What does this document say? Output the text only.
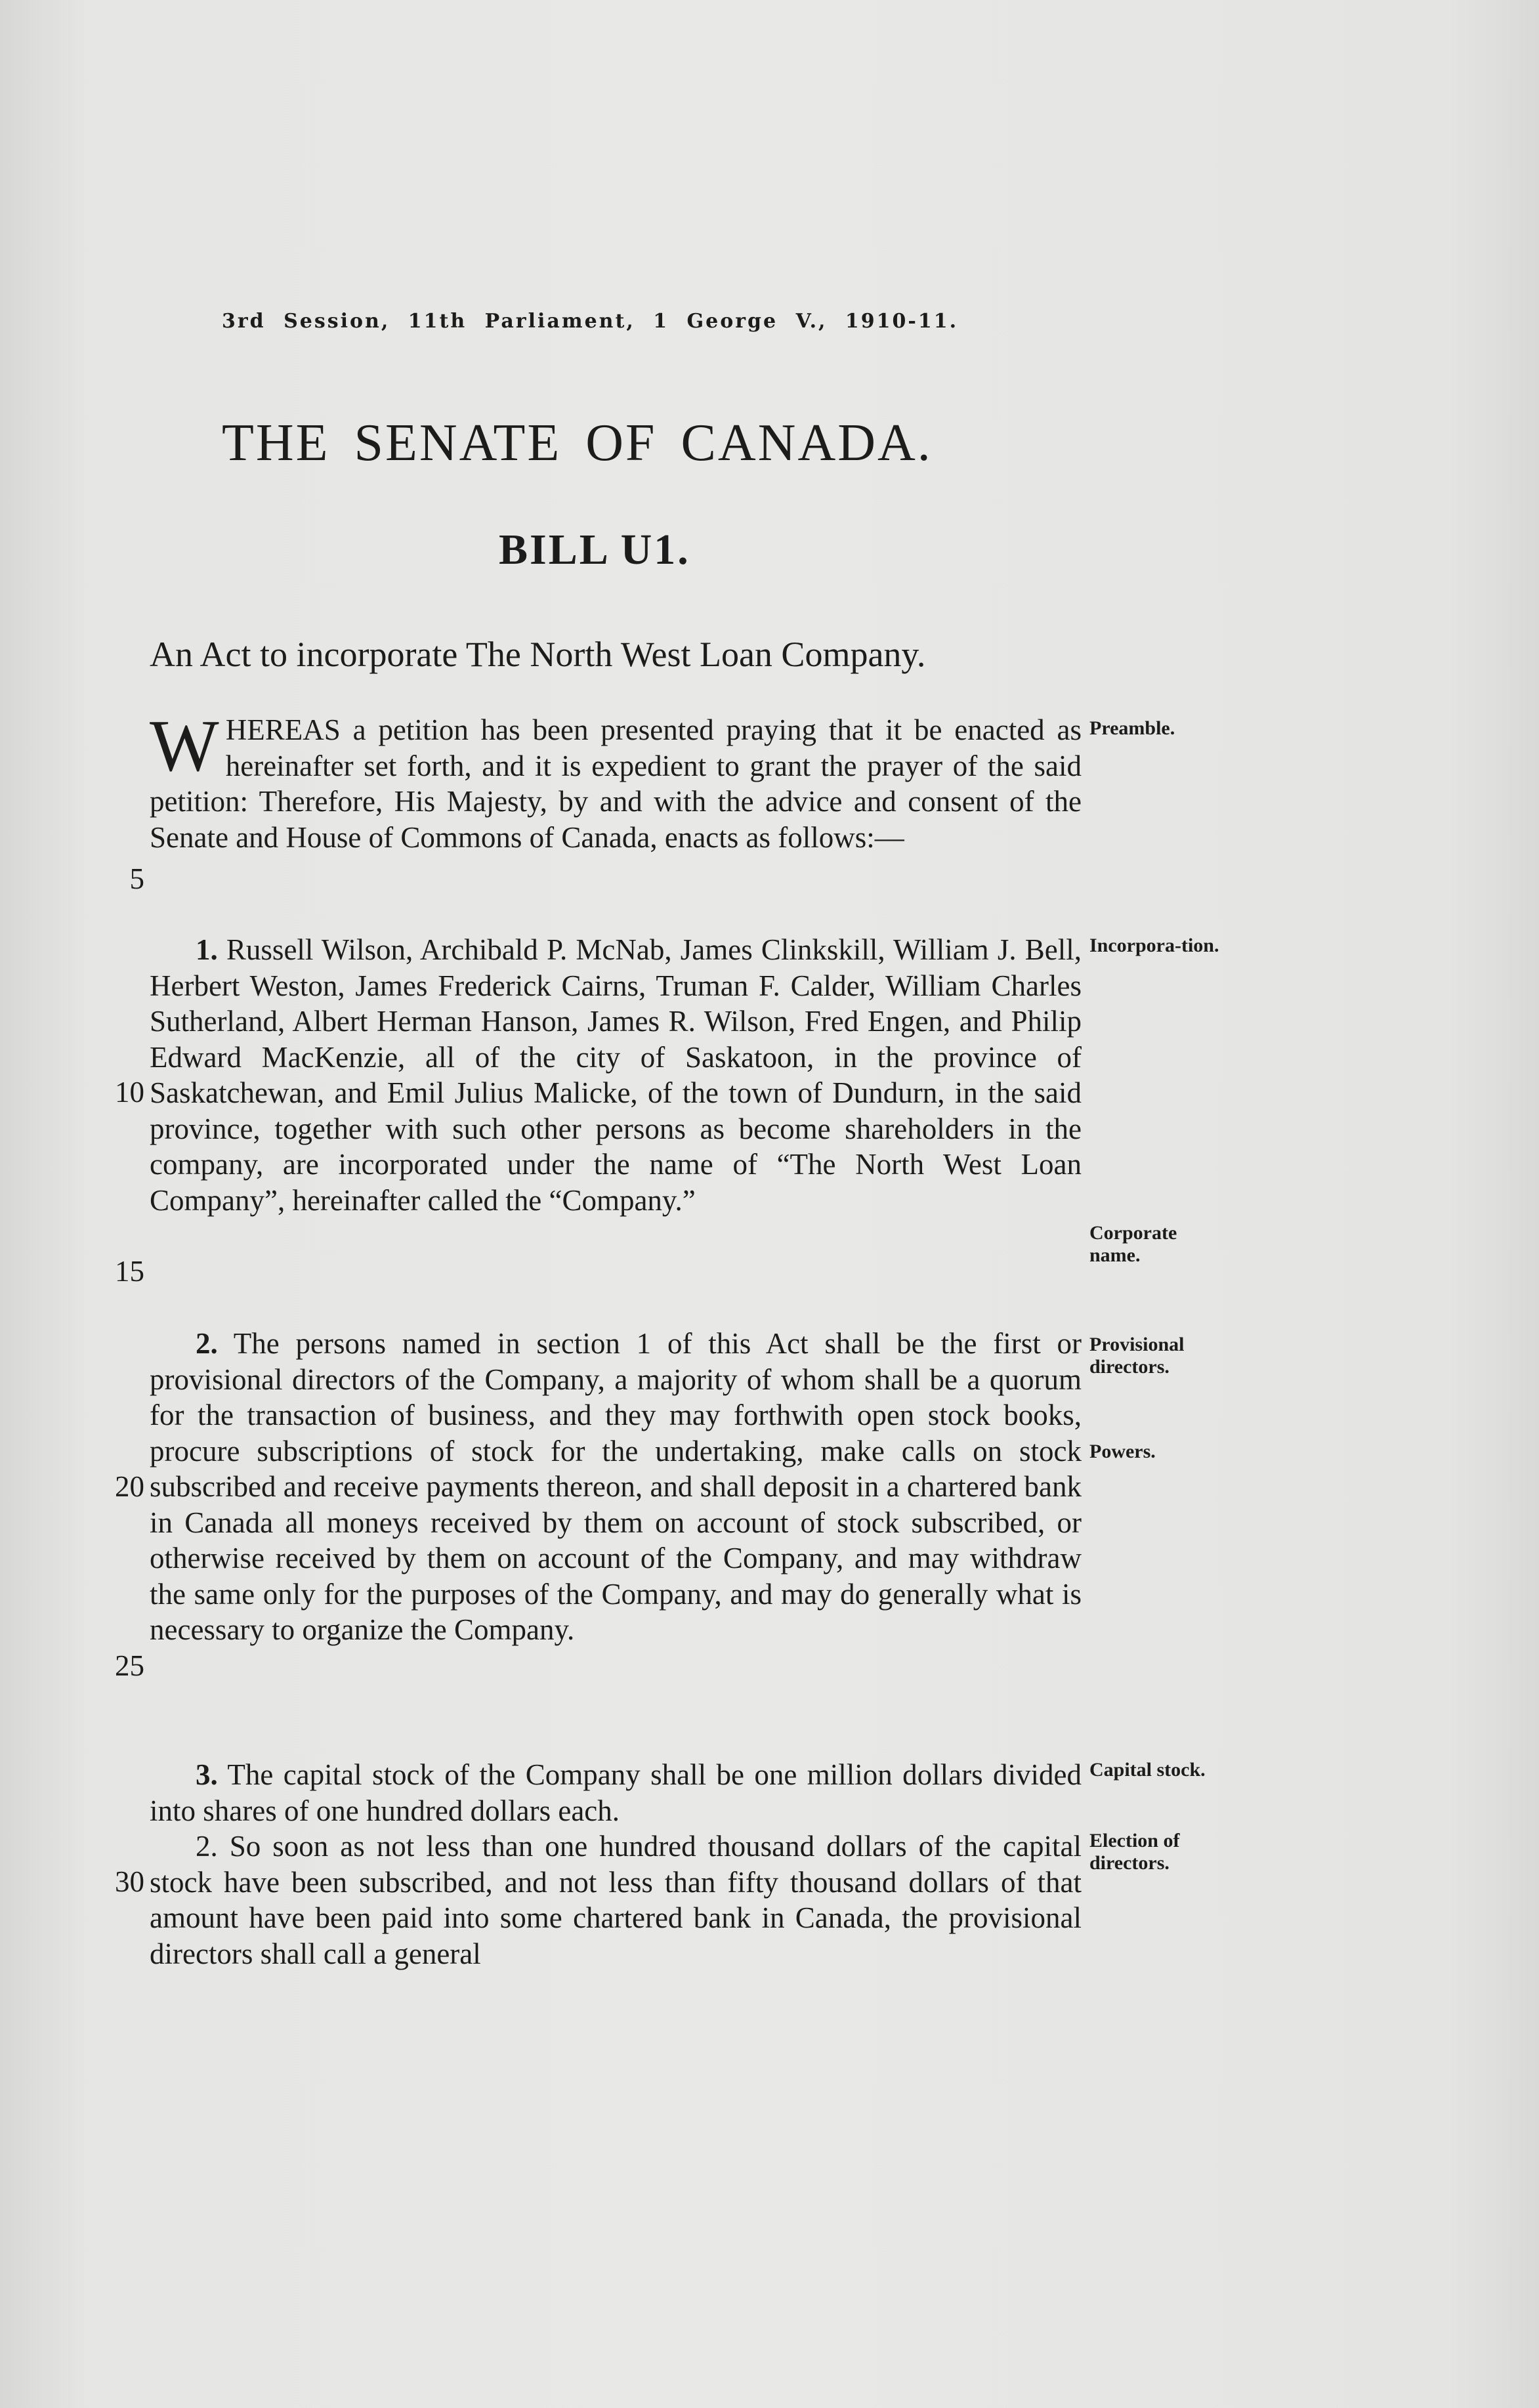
3rd Session, 11th Parliament, 1 George V., 1910-11.
THE SENATE OF CANADA.
BILL U1.
An Act to incorporate The North West Loan Company.

WHEREAS a petition has been presented praying that it be enacted as hereinafter set forth, and it is expedient to grant the prayer of the said petition: Therefore, His Majesty, by and with the advice and consent of the Senate and House of Commons of Canada, enacts as follows:—

1. Russell Wilson, Archibald P. McNab, James Clinkskill, William J. Bell, Herbert Weston, James Frederick Cairns, Truman F. Calder, William Charles Sutherland, Albert Herman Hanson, James R. Wilson, Fred Engen, and Philip Edward MacKenzie, all of the city of Saskatoon, in the province of Saskatchewan, and Emil Julius Malicke, of the town of Dundurn, in the said province, together with such other persons as become shareholders in the company, are incorporated under the name of “The North West Loan Company”, hereinafter called the “Company.”

2. The persons named in section 1 of this Act shall be the first or provisional directors of the Company, a majority of whom shall be a quorum for the transaction of business, and they may forthwith open stock books, procure subscriptions of stock for the undertaking, make calls on stock subscribed and receive payments thereon, and shall deposit in a chartered bank in Canada all moneys received by them on account of stock subscribed, or otherwise received by them on account of the Company, and may withdraw the same only for the purposes of the Company, and may do generally what is necessary to organize the Company.

3. The capital stock of the Company shall be one million dollars divided into shares of one hundred dollars each.

2. So soon as not less than one hundred thousand dollars of the capital stock have been subscribed, and not less than fifty thousand dollars of that amount have been paid into some chartered bank in Canada, the provisional directors shall call a general

5
10
15
20
25
30
Preamble.
Incorpora-tion.
Corporate name.
Provisional directors.
Powers.
Capital stock.
Election of directors.
